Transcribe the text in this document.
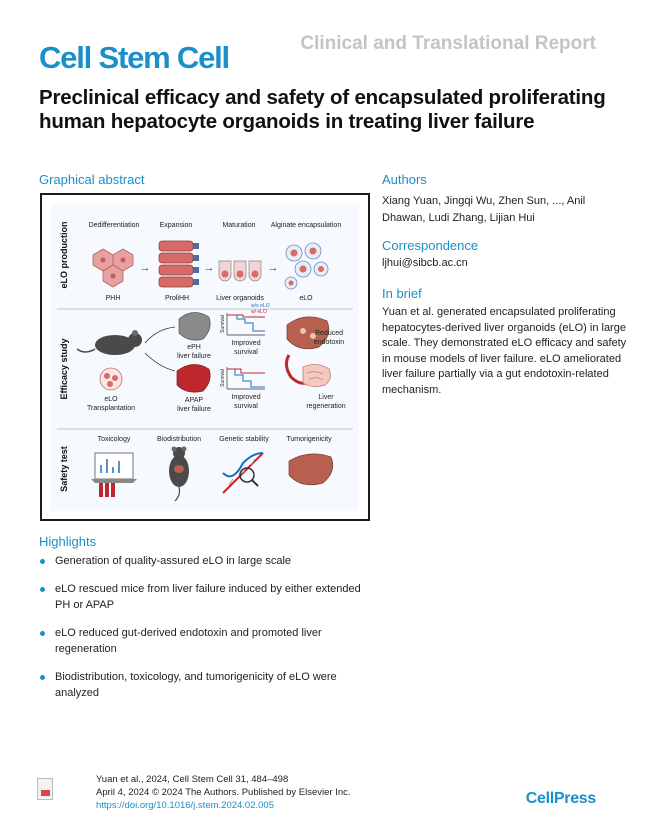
Cell Stem Cell	Clinical and Translational Report
Preclinical efficacy and safety of encapsulated proliferating human hepatocyte organoids in treating liver failure
Graphical abstract	Authors
Xiang Yuan, Jingqi Wu, Zhen Sun, ..., Anil Dhawan, Ludi Zhang, Lijian Hui
Correspondence
ljhui@sibcb.ac.cn
In brief
Yuan et al. generated encapsulated proliferating hepatocytes-derived liver organoids (eLO) in large scale. They demonstrated eLO efficacy and safety in mouse models of liver failure. eLO ameliorated liver failure partially via a gut endotoxin-related mechanism.
eLO production
Efficacy study
Safety test
Dedifferentiation	Expansion	Maturation Alginate encapsulation
PHH
→
ProliHH
→
Liver organoids
→
eLO
eLO Transplantation
ePH liver failure
APAP liver failure
Survival
w/o eLO
w/ eLO
Improved survival
Survival
Improved survival
Reduced endotoxin
Liver regeneration
Toxicology	Biodistribution	Genetic stability	Tumorigenicity
Highlights
Generation of quality-assured eLO in large scale
eLO rescued mice from liver failure induced by either extended PH or APAP
eLO reduced gut-derived endotoxin and promoted liver regeneration
Biodistribution, toxicology, and tumorigenicity of eLO were analyzed
Yuan et al., 2024, Cell Stem Cell 31, 484–498
April 4, 2024 © 2024 The Authors. Published by Elsevier Inc.
https://doi.org/10.1016/j.stem.2024.02.005	CellPress
